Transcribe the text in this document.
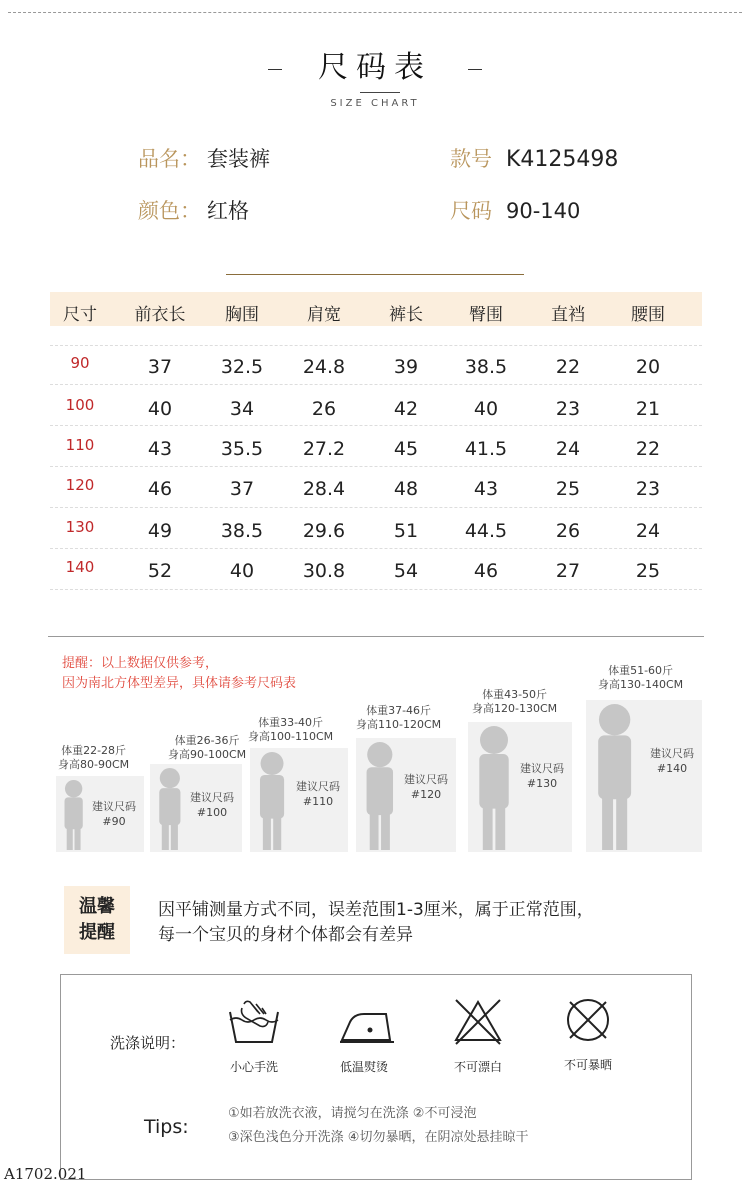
尺码表
SIZE CHART
品名： 套装裤	款号 K4125498
颜色： 红格	尺码 90-140
尺寸	前衣长	胸围	肩宽	裤长	臀围	直裆	腰围
90	37	32.5	24.8	39	38.5	22	20
100	40	34	26	42	40	23	21
110	43	35.5	27.2	45	41.5	24	22
120	46	37	28.4	48	43	25	23
130	49	38.5	29.6	51	44.5	26	24
140	52	40	30.8	54	46	27	25
提醒：以上数据仅供参考，
因为南北方体型差异，具体请参考尺码表
体重22-28斤
身高80-90CM
建议尺码
#90
体重26-36斤
身高90-100CM
建议尺码
#100
体重33-40斤
身高100-110CM
建议尺码
#110
体重37-46斤
身高110-120CM
建议尺码
#120
体重43-50斤
身高120-130CM
建议尺码
#130
体重51-60斤
身高130-140CM
建议尺码
#140
温馨
提醒
因平铺测量方式不同，误差范围1-3厘米，属于正常范围，
每一个宝贝的身材个体都会有差异
洗涤说明：
小心手洗	低温熨烫	不可漂白	不可暴晒
Tips:
①如若放洗衣液，请搅匀在洗涤 ②不可浸泡
③深色浅色分开洗涤 ④切勿暴晒，在阴凉处悬挂晾干
A1702.021
